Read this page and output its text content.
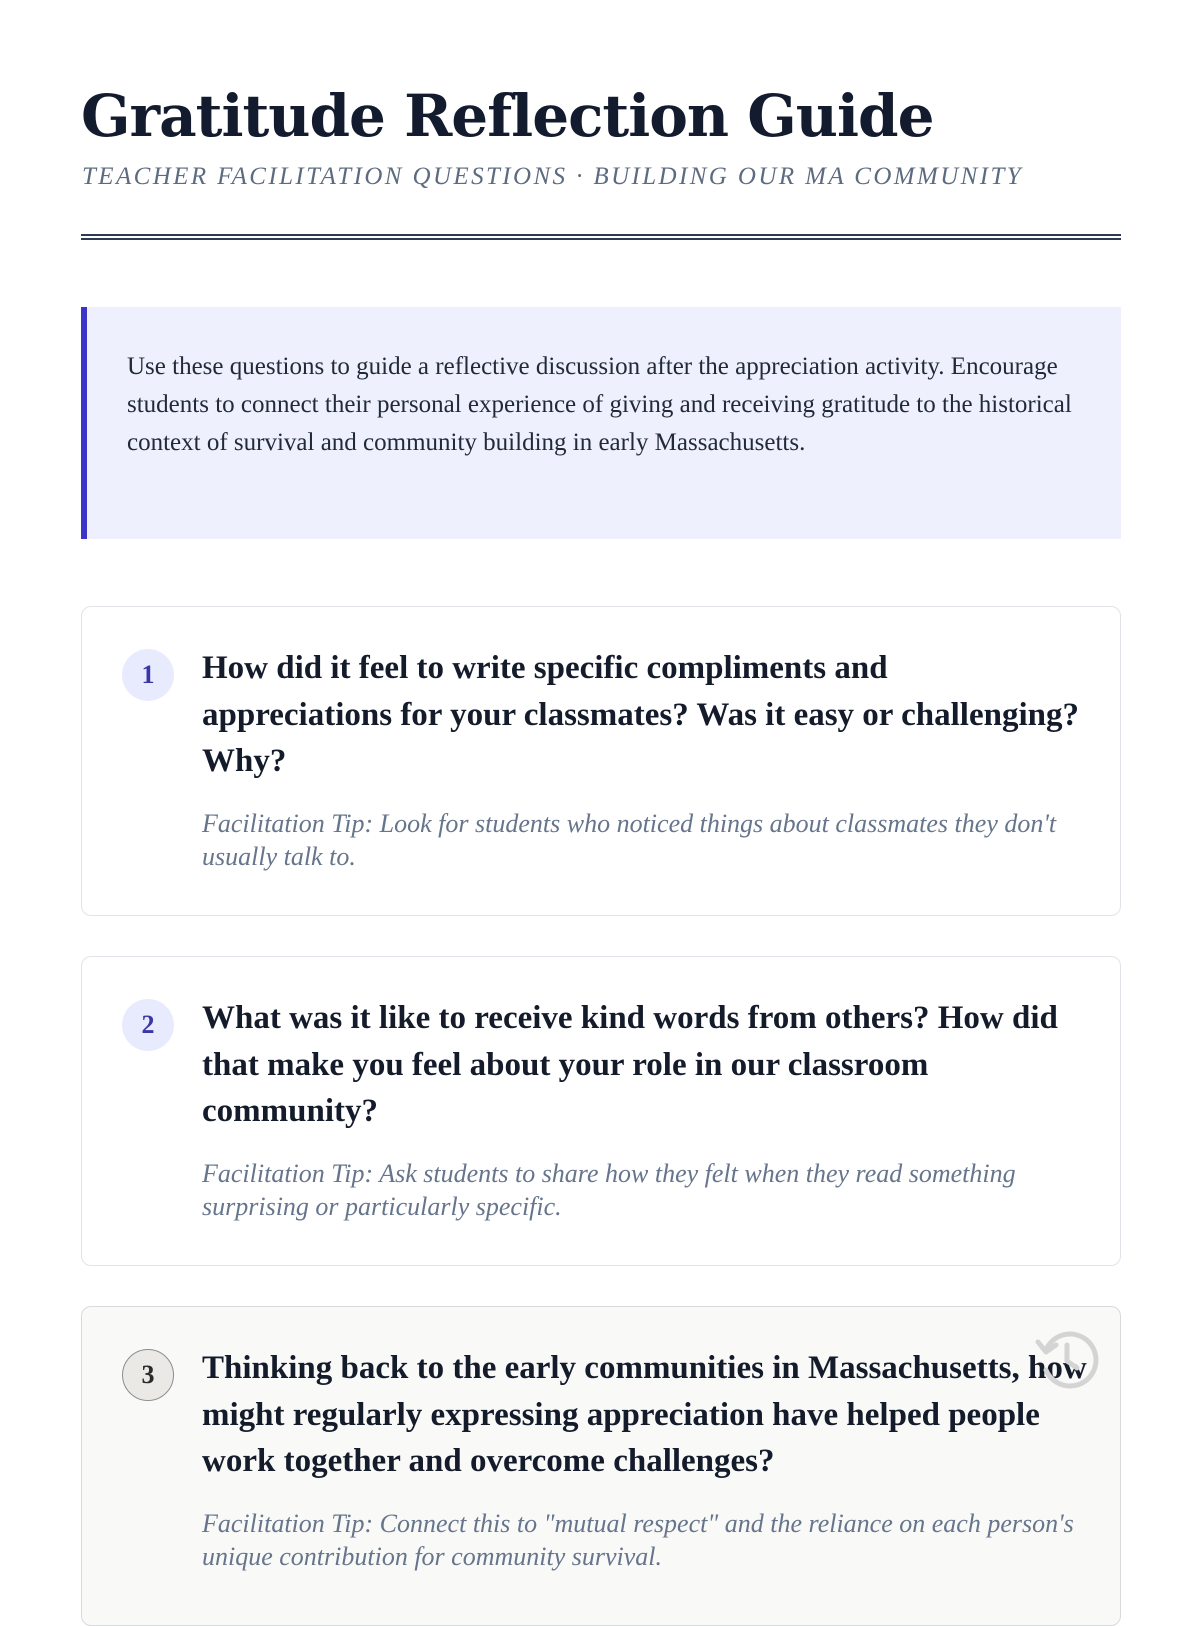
Gratitude Reflection Guide

TEACHER FACILITATION QUESTIONS · BUILDING OUR MA COMMUNITY

Use these questions to guide a reflective discussion after the appreciation activity. Encourage students to connect their personal experience of giving and receiving gratitude to the historical context of survival and community building in early Massachusetts.
1	How did it feel to write specific compliments and appreciations for your classmates? Was it easy or challenging? Why?

Facilitation Tip: Look for students who noticed things about classmates they don't usually talk to.

2	What was it like to receive kind words from others? How did that make you feel about your role in our classroom community?

Facilitation Tip: Ask students to share how they felt when they read something surprising or particularly specific.

3	Thinking back to the early communities in Massachusetts, how might regularly expressing appreciation have helped people work together and overcome challenges?

Facilitation Tip: Connect this to "mutual respect" and the reliance on each person's unique contribution for community survival.
